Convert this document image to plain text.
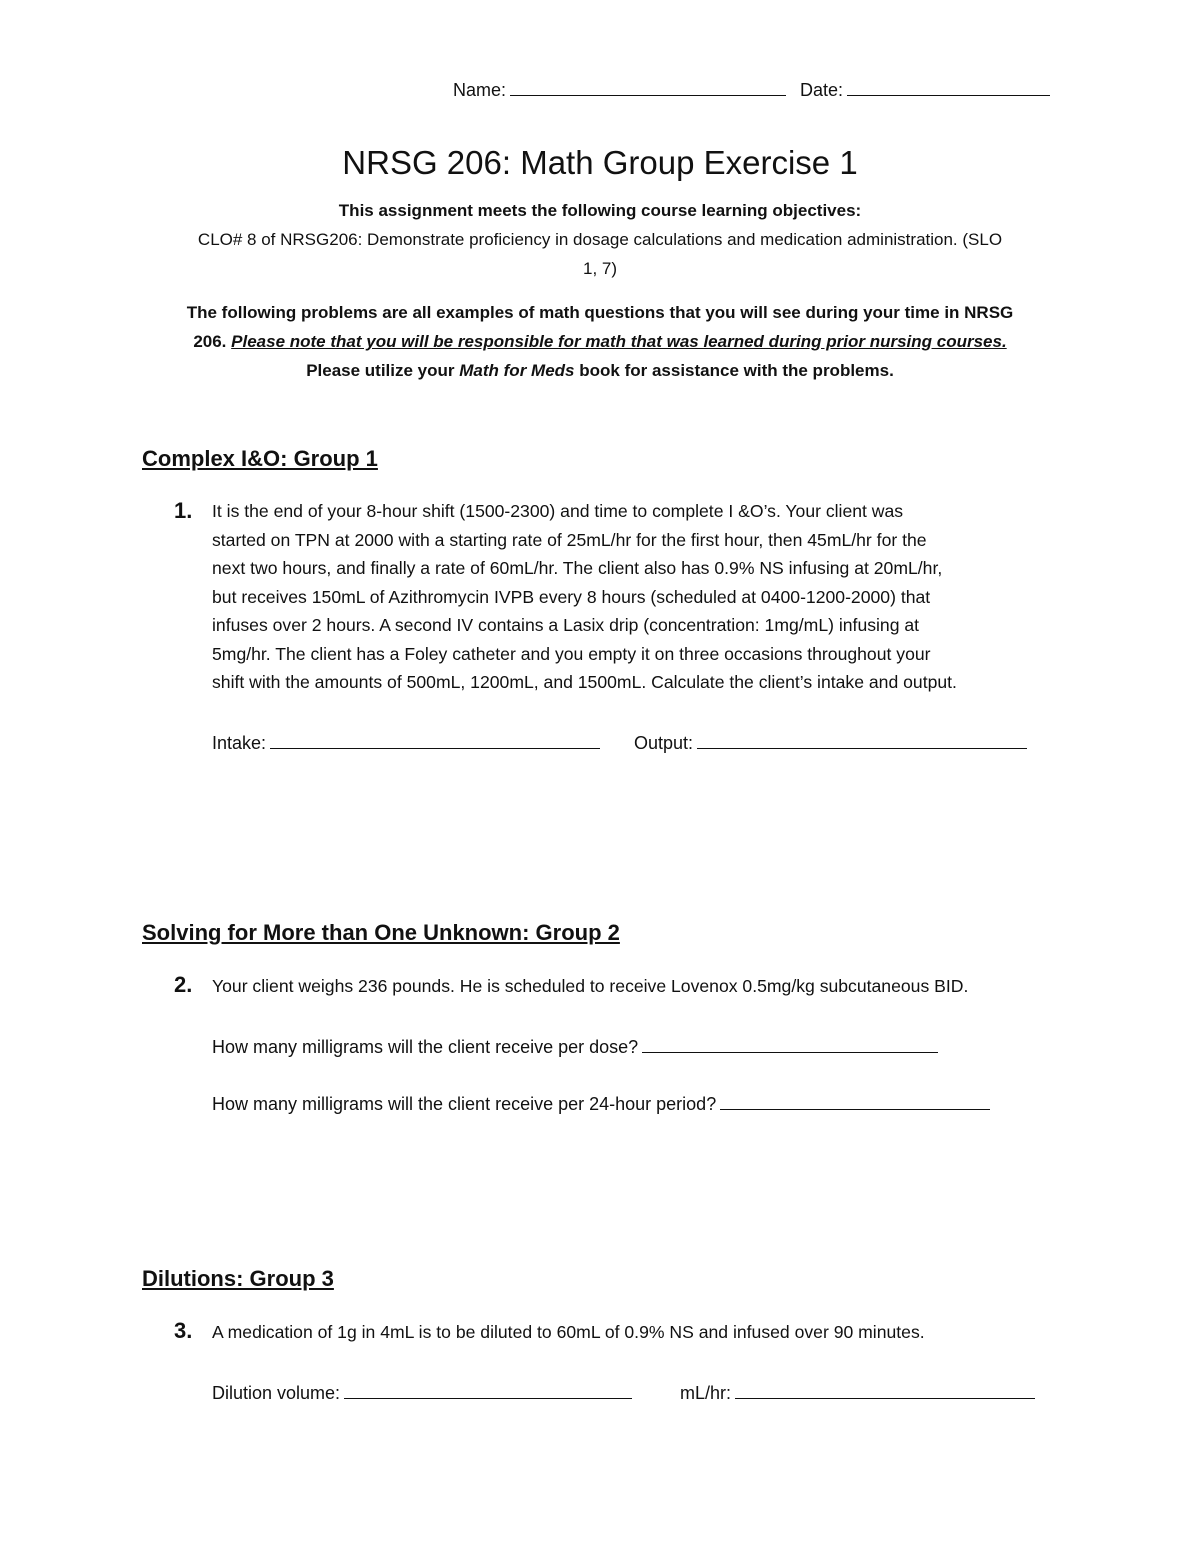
Name:	Date:
NRSG 206: Math Group Exercise 1
This assignment meets the following course learning objectives:
CLO# 8 of NRSG206: Demonstrate proficiency in dosage calculations and medication administration. (SLO
1, 7)
The following problems are all examples of math questions that you will see during your time in NRSG
206. Please note that you will be responsible for math that was learned during prior nursing courses.
Please utilize your Math for Meds book for assistance with the problems.
Complex I&O: Group 1
1. It is the end of your 8-hour shift (1500-2300) and time to complete I &O’s. Your client was
started on TPN at 2000 with a starting rate of 25mL/hr for the first hour, then 45mL/hr for the
next two hours, and finally a rate of 60mL/hr. The client also has 0.9% NS infusing at 20mL/hr,
but receives 150mL of Azithromycin IVPB every 8 hours (scheduled at 0400-1200-2000) that
infuses over 2 hours. A second IV contains a Lasix drip (concentration: 1mg/mL) infusing at
5mg/hr. The client has a Foley catheter and you empty it on three occasions throughout your
shift with the amounts of 500mL, 1200mL, and 1500mL. Calculate the client’s intake and output.
Intake:	Output:
Solving for More than One Unknown: Group 2
2. Your client weighs 236 pounds. He is scheduled to receive Lovenox 0.5mg/kg subcutaneous BID.
How many milligrams will the client receive per dose?
How many milligrams will the client receive per 24-hour period?
Dilutions: Group 3
3. A medication of 1g in 4mL is to be diluted to 60mL of 0.9% NS and infused over 90 minutes.
Dilution volume:	mL/hr:
